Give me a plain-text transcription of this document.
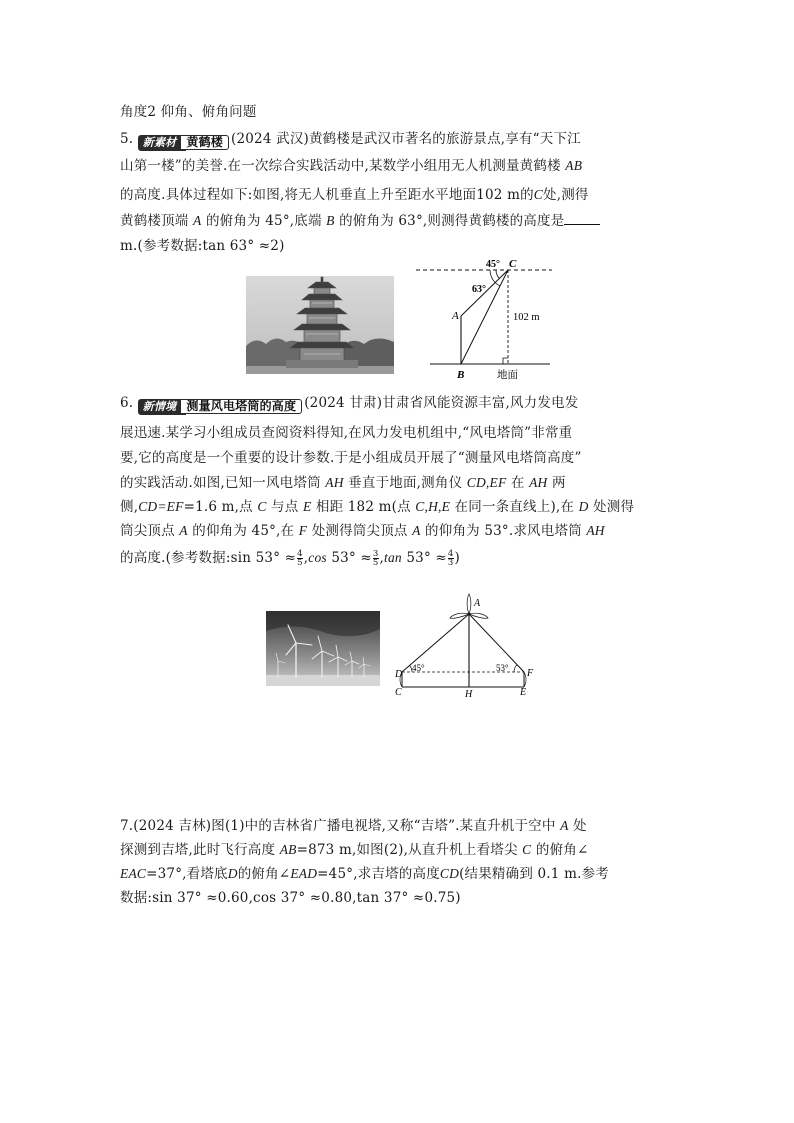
角度2 仰角、俯角问题
5. 新素材 黄鹤楼 (2024 武汉)黄鹤楼是武汉市著名的旅游景点,享有“天下江
山第一楼”的美誉.在一次综合实践活动中,某数学小组用无人机测量黄鹤楼 AB
的高度.具体过程如下:如图,将无人机垂直上升至距水平地面102 m的C处,测得
黄鹤楼顶端 A 的俯角为 45°,底端 B 的俯角为 63°,则测得黄鹤楼的高度是
m.(参考数据:tan 63° ≈2)
45°
63°
C
A
B
102 m
地面
6. 新情境 测量风电塔筒的高度 (2024 甘肃)甘肃省风能资源丰富,风力发电发
展迅速.某学习小组成员查阅资料得知,在风力发电机组中,“风电塔筒”非常重
要,它的高度是一个重要的设计参数.于是小组成员开展了“测量风电塔筒高度”
的实践活动.如图,已知一风电塔筒 AH 垂直于地面,测角仪 CD,EF 在 AH 两
侧,CD=EF=1.6 m,点 C 与点 E 相距 182 m(点 C,H,E 在同一条直线上),在 D 处测得
筒尖顶点 A 的仰角为 45°,在 F 处测得筒尖顶点 A 的仰角为 53°.求风电塔筒 AH
的高度.(参考数据:sin $53^\circ \approx \frac{4}{5} ,\cos$ $53^\circ \approx \frac{3}{5} ,\tan$ $53^\circ \approx \frac{4}{3}$ )
A
D
C	H	E
F
45°	53°
7.(2024 吉林)图(1)中的吉林省广播电视塔,又称“吉塔”.某直升机于空中 A 处
探测到吉塔,此时飞行高度 AB=873 m,如图(2),从直升机上看塔尖 C 的俯角∠
EAC=37°,看塔底D的俯角∠EAD=45°,求吉塔的高度CD(结果精确到 0.1 m.参考
数据:sin 37° ≈0.60,cos 37° ≈0.80,tan 37° ≈0.75)
